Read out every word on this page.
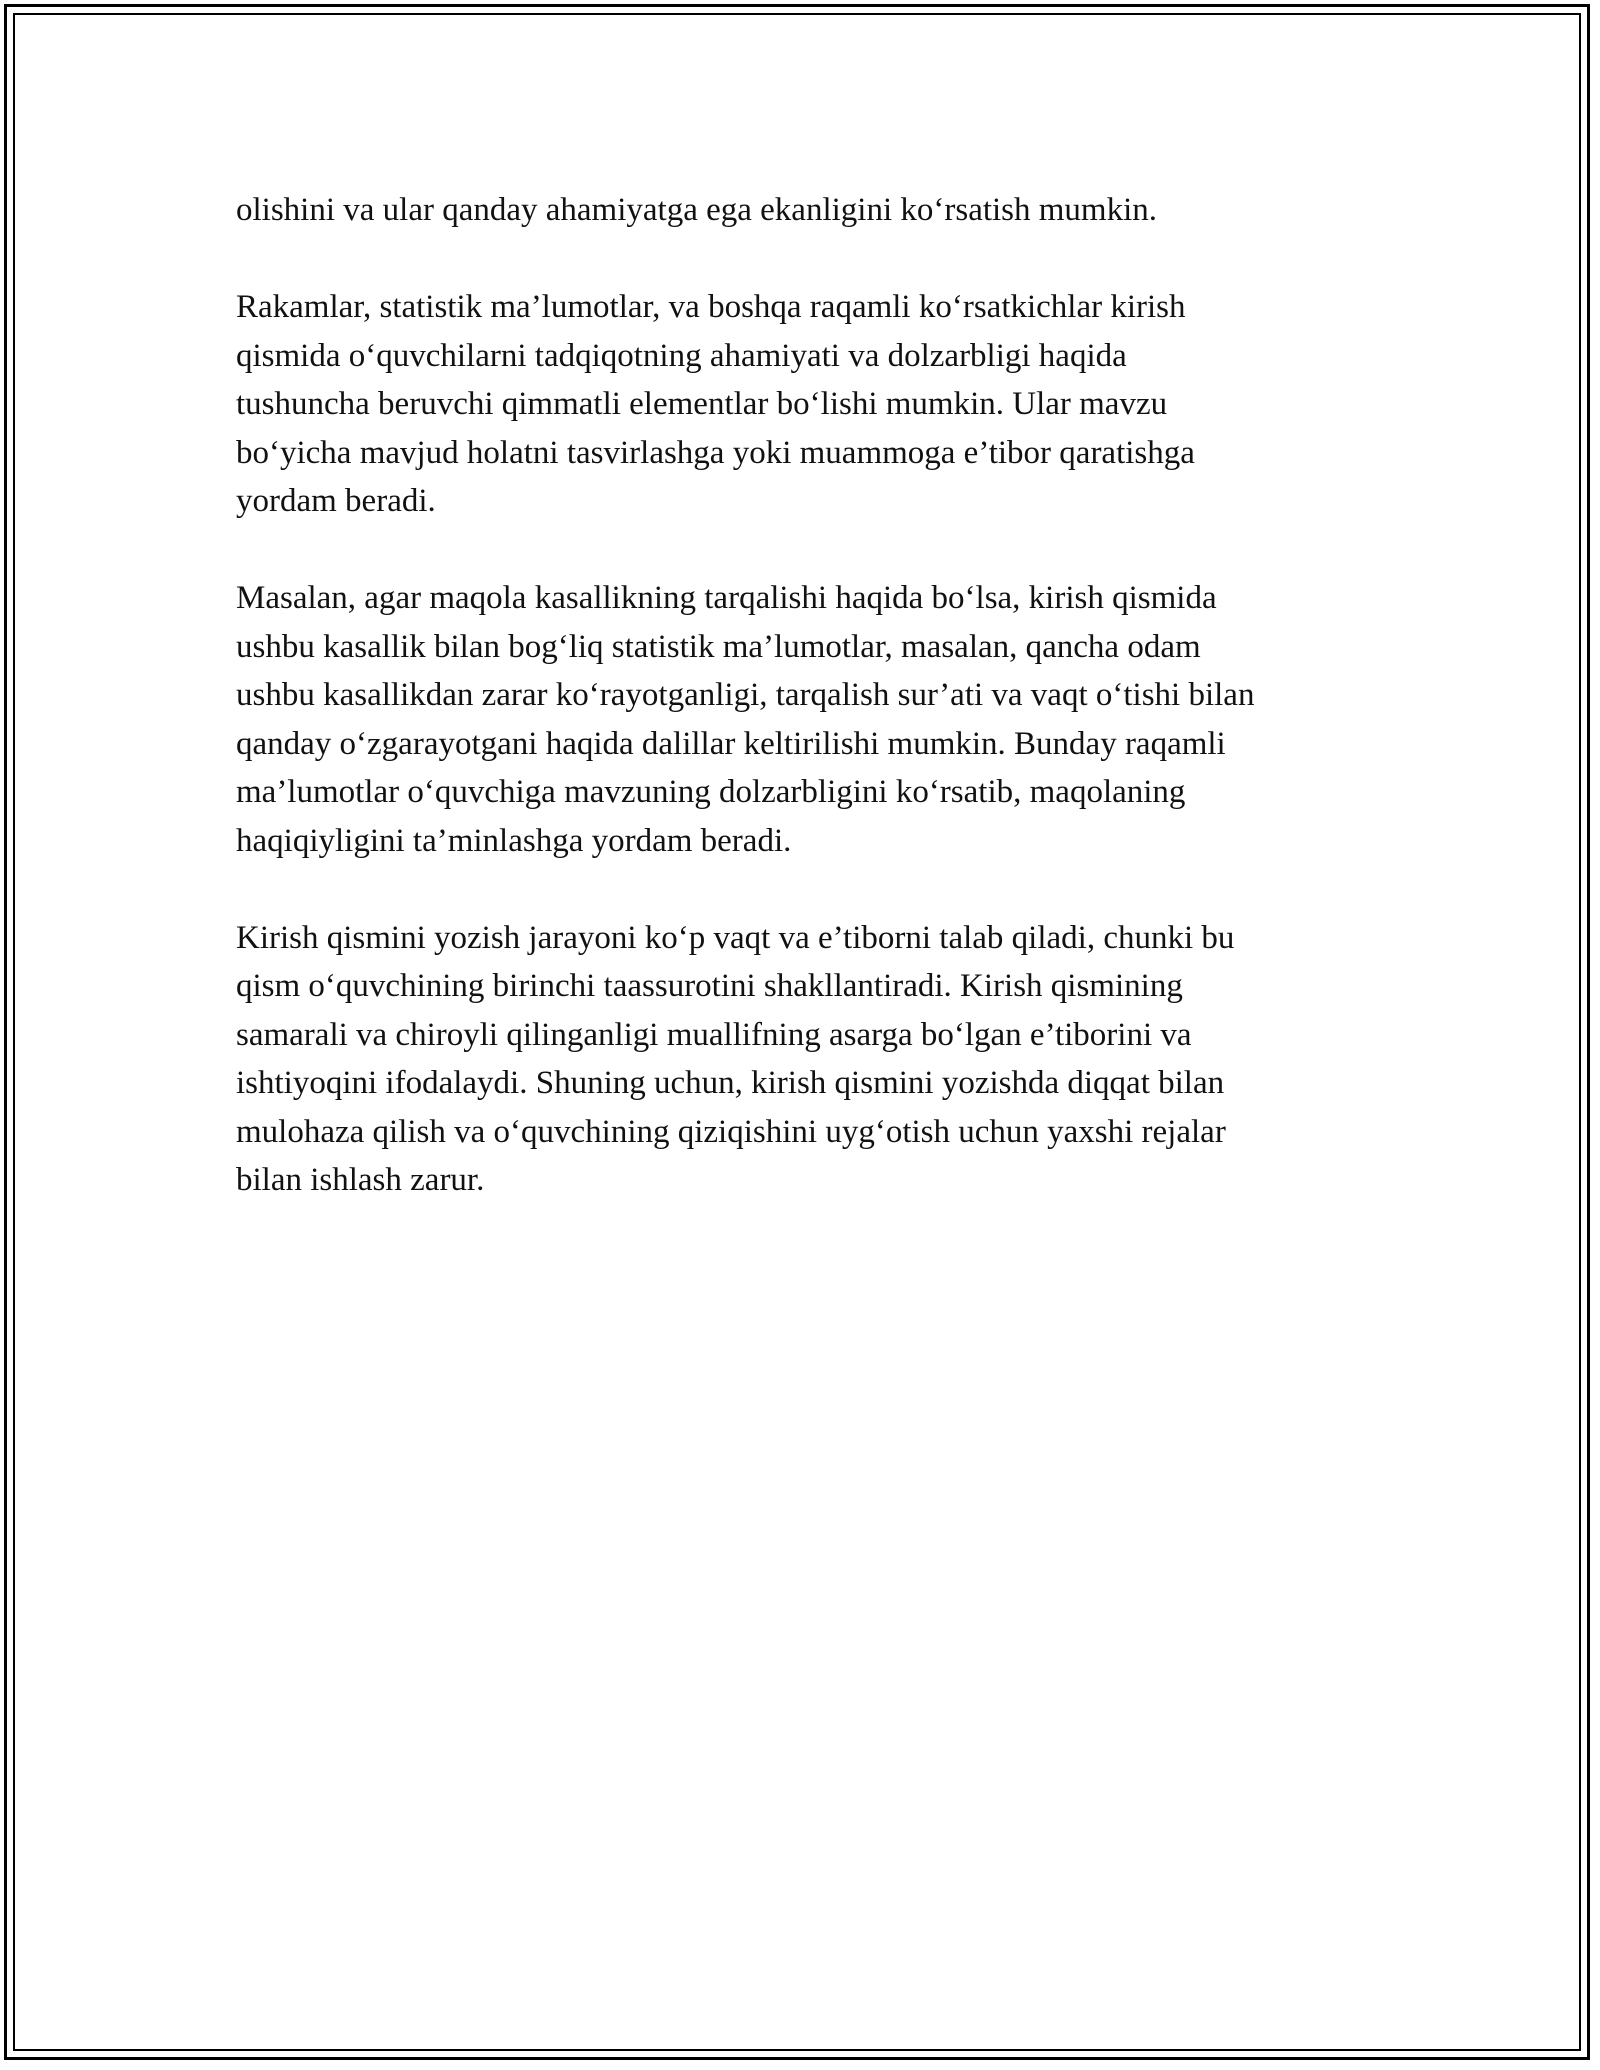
olishini va ular qanday ahamiyatga ega ekanligini ko‘rsatish mumkin.

Rakamlar, statistik ma’lumotlar, va boshqa raqamli ko‘rsatkichlar kirish
qismida o‘quvchilarni tadqiqotning ahamiyati va dolzarbligi haqida
tushuncha beruvchi qimmatli elementlar bo‘lishi mumkin. Ular mavzu
bo‘yicha mavjud holatni tasvirlashga yoki muammoga e’tibor qaratishga
yordam beradi.

Masalan, agar maqola kasallikning tarqalishi haqida bo‘lsa, kirish qismida
ushbu kasallik bilan bog‘liq statistik ma’lumotlar, masalan, qancha odam
ushbu kasallikdan zarar ko‘rayotganligi, tarqalish sur’ati va vaqt o‘tishi bilan
qanday o‘zgarayotgani haqida dalillar keltirilishi mumkin. Bunday raqamli
ma’lumotlar o‘quvchiga mavzuning dolzarbligini ko‘rsatib, maqolaning
haqiqiyligini ta’minlashga yordam beradi.

Kirish qismini yozish jarayoni ko‘p vaqt va e’tiborni talab qiladi, chunki bu
qism o‘quvchining birinchi taassurotini shakllantiradi. Kirish qismining
samarali va chiroyli qilinganligi muallifning asarga bo‘lgan e’tiborini va
ishtiyoqini ifodalaydi. Shuning uchun, kirish qismini yozishda diqqat bilan
mulohaza qilish va o‘quvchining qiziqishini uyg‘otish uchun yaxshi rejalar
bilan ishlash zarur.
